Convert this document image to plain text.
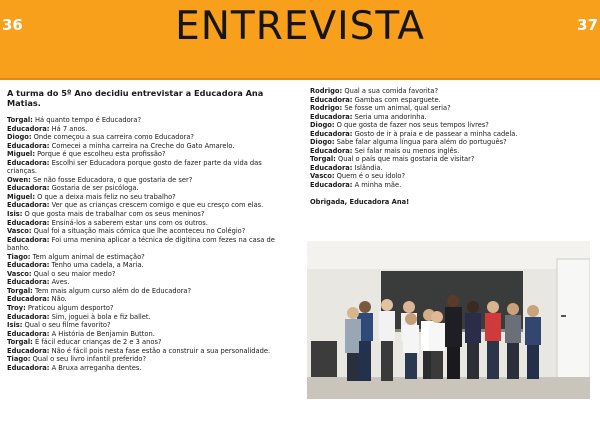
36	ENTREVISTA	37
A turma do 5º Ano decidiu entrevistar a Educadora Ana Matias.
Torgal: Há quanto tempo é Educadora?
Educadora: Há 7 anos.
Diogo: Onde começou a sua carreira como Educadora?
Educadora: Comecei a minha carreira na Creche do Gato Amarelo.
Miguel: Porque é que escolheu esta profissão?
Educadora: Escolhi ser Educadora porque gosto de fazer parte da vida das
crianças.
Owen: Se não fosse Educadora, o que gostaria de ser?
Educadora: Gostaria de ser psicóloga.
Miguel: O que a deixa mais feliz no seu trabalho?
Educadora: Ver que as crianças crescem comigo e que eu cresço com elas.
Isis: O que gosta mais de trabalhar com os seus meninos?
Educadora: Ensiná-los a saberem estar uns com os outros.
Vasco: Qual foi a situação mais cómica que lhe aconteceu no Colégio?
Educadora: Foi uma menina aplicar a técnica de digitina com fezes na casa de
banho.
Tiago: Tem algum animal de estimação?
Educadora: Tenho uma cadela, a Maria.
Vasco: Qual o seu maior medo?
Educadora: Aves.
Torgal: Tem mais algum curso além do de Educadora?
Educadora: Não.
Troy: Praticou algum desporto?
Educadora: Sim, joguei à bola e fiz ballet.
Isis: Qual o seu filme favorito?
Educadora: A História de Benjamin Button.
Torgal: É fácil educar crianças de 2 e 3 anos?
Educadora: Não é fácil pois nesta fase estão a construir a sua personalidade.
Tiago: Qual o seu livro infantil preferido?
Educadora: A Bruxa arreganha dentes.
Rodrigo: Qual a sua comida favorita?
Educadora: Gambas com esparguete.
Rodrigo: Se fosse um animal, qual seria?
Educadora: Seria uma andorinha.
Diogo: O que gosta de fazer nos seus tempos livres?
Educadora: Gosto de ir à praia e de passear a minha cadela.
Diogo: Sabe falar alguma língua para além do português?
Educadora: Sei falar mais ou menos inglês.
Torgal: Qual o país que mais gostaria de visitar?
Educadora: Islândia.
Vasco: Quem é o seu ídolo?
Educadora: A minha mãe.
Obrigada, Educadora Ana!
